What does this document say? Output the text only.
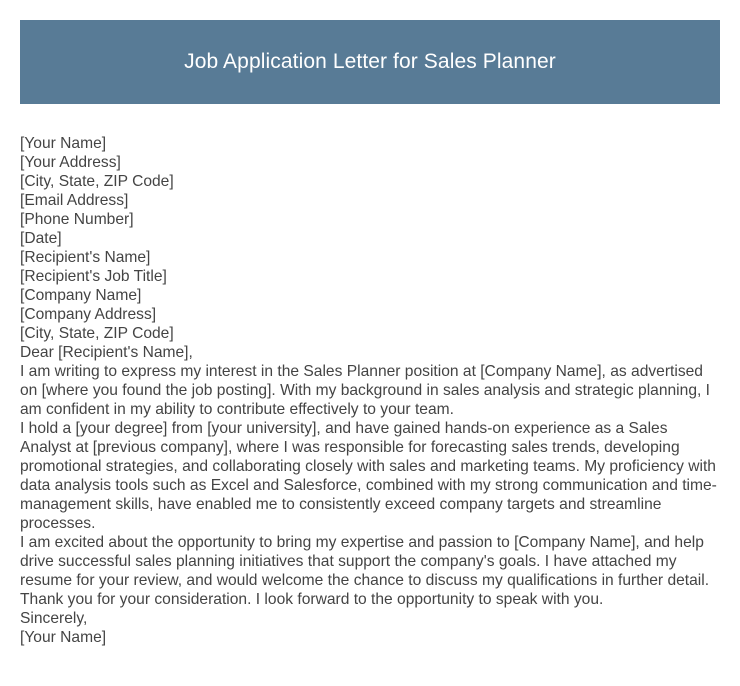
Job Application Letter for Sales Planner

[Your Name]

[Your Address]

[City, State, ZIP Code]

[Email Address]

[Phone Number]

[Date]

[Recipient's Name]

[Recipient's Job Title]

[Company Name]

[Company Address]

[City, State, ZIP Code]

Dear [Recipient's Name],

I am writing to express my interest in the Sales Planner position at [Company Name], as advertised on [where you found the job posting]. With my background in sales analysis and strategic planning, I am confident in my ability to contribute effectively to your team.

I hold a [your degree] from [your university], and have gained hands-on experience as a Sales Analyst at [previous company], where I was responsible for forecasting sales trends, developing promotional strategies, and collaborating closely with sales and marketing teams. My proficiency with data analysis tools such as Excel and Salesforce, combined with my strong communication and time-management skills, have enabled me to consistently exceed company targets and streamline processes.

I am excited about the opportunity to bring my expertise and passion to [Company Name], and help drive successful sales planning initiatives that support the company's goals. I have attached my resume for your review, and would welcome the chance to discuss my qualifications in further detail.

Thank you for your consideration. I look forward to the opportunity to speak with you.

Sincerely,

[Your Name]
